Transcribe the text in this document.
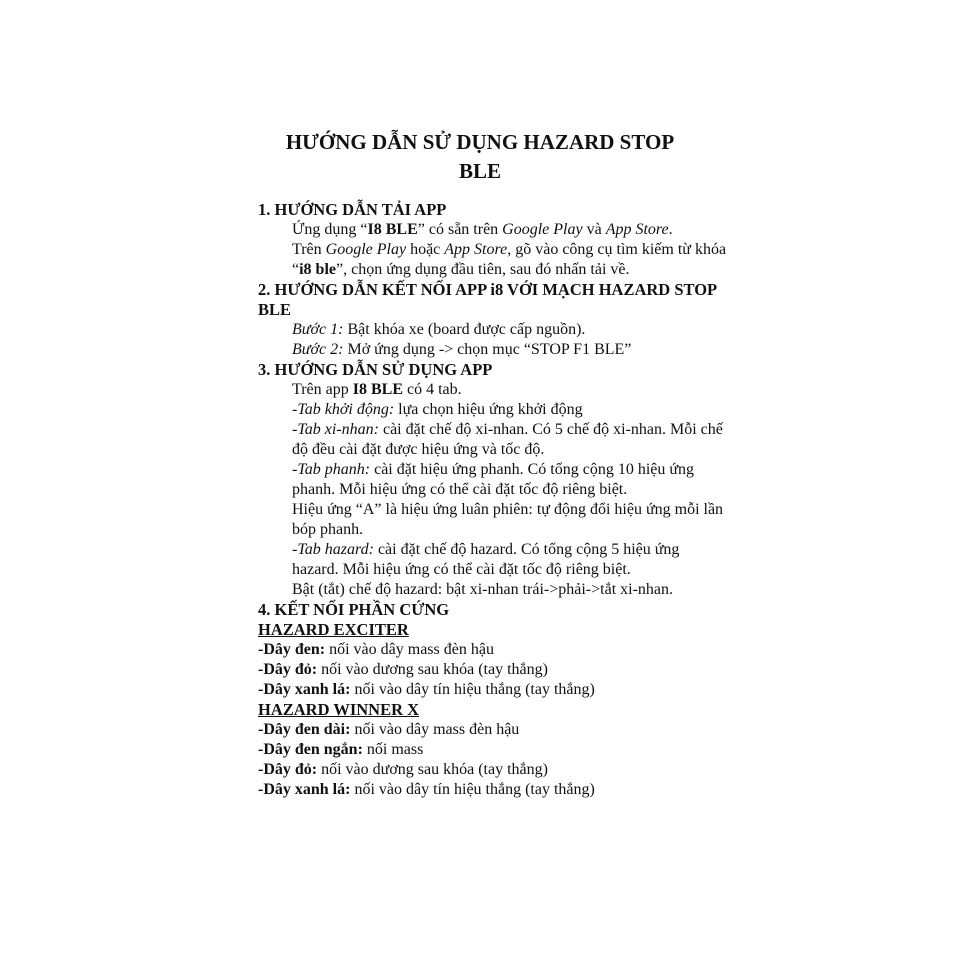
HƯỚNG DẪN SỬ DỤNG HAZARD STOP
BLE

1. HƯỚNG DẪN TẢI APP

Ứng dụng “I8 BLE” có sẵn trên Google Play và App Store.

Trên Google Play hoặc App Store, gõ vào công cụ tìm kiếm từ khóa “i8 ble”, chọn ứng dụng đầu tiên, sau đó nhấn tải về.

2. HƯỚNG DẪN KẾT NỐI APP i8 VỚI MẠCH HAZARD STOP BLE

Bước 1: Bật khóa xe (board được cấp nguồn).

Bước 2: Mở ứng dụng -> chọn mục “STOP F1 BLE”

3. HƯỚNG DẪN SỬ DỤNG APP

Trên app I8 BLE có 4 tab.

-Tab khởi động: lựa chọn hiệu ứng khởi động

-Tab xi-nhan: cài đặt chế độ xi-nhan. Có 5 chế độ xi-nhan. Mỗi chế độ đều cài đặt được hiệu ứng và tốc độ.

-Tab phanh: cài đặt hiệu ứng phanh. Có tổng cộng 10 hiệu ứng phanh. Mỗi hiệu ứng có thể cài đặt tốc độ riêng biệt.

Hiệu ứng “A” là hiệu ứng luân phiên: tự động đổi hiệu ứng mỗi lần bóp phanh.

-Tab hazard: cài đặt chế độ hazard. Có tổng cộng 5 hiệu ứng hazard. Mỗi hiệu ứng có thể cài đặt tốc độ riêng biệt.

Bật (tắt) chế độ hazard: bật xi-nhan trái->phải->tắt xi-nhan.

4. KẾT NỐI PHẦN CỨNG

HAZARD EXCITER

-Dây đen: nối vào dây mass đèn hậu

-Dây đỏ: nối vào dương sau khóa (tay thắng)

-Dây xanh lá: nối vào dây tín hiệu thắng (tay thắng)

HAZARD WINNER X

-Dây đen dài: nối vào dây mass đèn hậu

-Dây đen ngắn: nối mass

-Dây đỏ: nối vào dương sau khóa (tay thắng)

-Dây xanh lá: nối vào dây tín hiệu thắng (tay thắng)
